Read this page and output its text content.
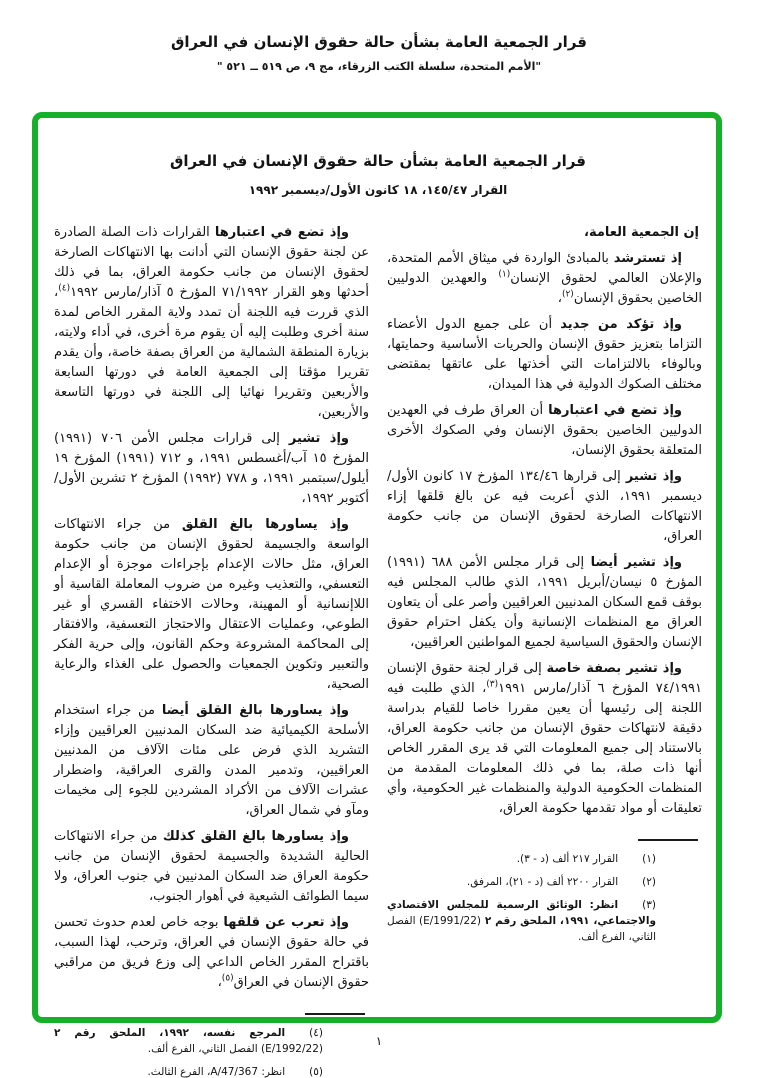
قرار الجمعية العامة بشأن حالة حقوق الإنسان في العراق
"الأمم المتحدة، سلسلة الكتب الزرقاء، مج ٩، ص ٥١٩ ــ ٥٢١ "
قرار الجمعية العامة بشأن حالة حقوق الإنسان في العراق
القرار ١٤٥/٤٧، ١٨ كانون الأول/ديسمبر ١٩٩٢
إن الجمعية العامة،
إذ تسترشد بالمبادئ الواردة في ميثاق الأمم المتحدة، والإعلان العالمي لحقوق الإنسان$^{(١)}$ والعهدين الدوليين الخاصين بحقوق الإنسان$^{(٢)}$،
وإذ تؤكد من جديد أن على جميع الدول الأعضاء التزاما بتعزيز حقوق الإنسان والحريات الأساسية وحمايتها، وبالوفاء بالالتزامات التي أخذتها على عاتقها بمقتضى مختلف الصكوك الدولية في هذا الميدان،
وإذ تضع في اعتبارها أن العراق طرف في العهدين الدوليين الخاصين بحقوق الإنسان وفي الصكوك الأخرى المتعلقة بحقوق الإنسان،
وإذ تشير إلى قرارها ١٣٤/٤٦ المؤرخ ١٧ كانون الأول/ديسمبر ١٩٩١، الذي أعربت فيه عن بالغ قلقها إزاء الانتهاكات الصارخة لحقوق الإنسان من جانب حكومة العراق،
وإذ تشير أيضا إلى قرار مجلس الأمن ٦٨٨ (١٩٩١) المؤرخ ٥ نيسان/أبريل ١٩٩١، الذي طالب المجلس فيه بوقف قمع السكان المدنيين العراقيين وأصر على أن يتعاون العراق مع المنظمات الإنسانية وأن يكفل احترام حقوق الإنسان والحقوق السياسية لجميع المواطنين العراقيين،
وإذ تشير بصفة خاصة إلى قرار لجنة حقوق الإنسان ٧٤/١٩٩١ المؤرخ ٦ آذار/مارس ١٩٩١$^{(٣)}$، الذي طلبت فيه اللجنة إلى رئيسها أن يعين مقررا خاصا للقيام بدراسة دقيقة لانتهاكات حقوق الإنسان من جانب حكومة العراق، بالاستناد إلى جميع المعلومات التي قد يرى المقرر الخاص أنها ذات صلة، بما في ذلك المعلومات المقدمة من المنظمات الحكومية الدولية والمنظمات غير الحكومية، وأي تعليقات أو مواد تقدمها حكومة العراق،
(١)القرار ٢١٧ ألف (د - ٣).
(٢)القرار ٢٢٠٠ ألف (د - ٢١)، المرفق.
(٣)انظر: الوثائق الرسمية للمجلس الاقتصادي والاجتماعي، ١٩٩١، الملحق رقم ٢ (E/1991/22) الفصل الثاني، الفرع ألف.
وإذ تضع في اعتبارها القرارات ذات الصلة الصادرة عن لجنة حقوق الإنسان التي أدانت بها الانتهاكات الصارخة لحقوق الإنسان من جانب حكومة العراق، بما في ذلك أحدثها وهو القرار ٧١/١٩٩٢ المؤرخ ٥ آذار/مارس ١٩٩٢$^{(٤)}$، الذي قررت فيه اللجنة أن تمدد ولاية المقرر الخاص لمدة سنة أخرى وطلبت إليه أن يقوم مرة أخرى، في أداء ولايته، بزيارة المنطقة الشمالية من العراق بصفة خاصة، وأن يقدم تقريرا مؤقتا إلى الجمعية العامة في دورتها السابعة والأربعين وتقريرا نهائيا إلى اللجنة في دورتها التاسعة والأربعين،
وإذ تشير إلى قرارات مجلس الأمن ٧٠٦ (١٩٩١) المؤرخ ١٥ آب/أغسطس ١٩٩١، و ٧١٢ (١٩٩١) المؤرخ ١٩ أيلول/سبتمبر ١٩٩١، و ٧٧٨ (١٩٩٢) المؤرخ ٢ تشرين الأول/أكتوبر ١٩٩٢،
وإذ يساورها بالغ القلق من جراء الانتهاكات الواسعة والجسيمة لحقوق الإنسان من جانب حكومة العراق، مثل حالات الإعدام بإجراءات موجزة أو الإعدام التعسفي، والتعذيب وغيره من ضروب المعاملة القاسية أو اللاإنسانية أو المهينة، وحالات الاختفاء القسري أو غير الطوعي، وعمليات الاعتقال والاحتجاز التعسفية، والافتقار إلى المحاكمة المشروعة وحكم القانون، وإلى حرية الفكر والتعبير وتكوين الجمعيات والحصول على الغذاء والرعاية الصحية،
وإذ يساورها بالغ القلق أيضا من جراء استخدام الأسلحة الكيميائية ضد السكان المدنيين العراقيين وإزاء التشريد الذي فرض على مئات الآلاف من المدنيين العراقيين، وتدمير المدن والقرى العراقية، واضطرار عشرات الآلاف من الأكراد المشردين للجوء إلى مخيمات ومآو في شمال العراق،
وإذ يساورها بالغ القلق كذلك من جراء الانتهاكات الحالية الشديدة والجسيمة لحقوق الإنسان من جانب حكومة العراق ضد السكان المدنيين في جنوب العراق، ولا سيما الطوائف الشيعية في أهوار الجنوب،
وإذ تعرب عن قلقها بوجه خاص لعدم حدوث تحسن في حالة حقوق الإنسان في العراق، وترحب، لهذا السبب، باقتراح المقرر الخاص الداعي إلى وزع فريق من مراقبي حقوق الإنسان في العراق$^{(٥)}$،
(٤)المرجع نفسه، ١٩٩٢، الملحق رقم ٢ (E/1992/22) الفصل الثاني، الفرع ألف.
(٥)انظر: A/47/367، الفرع الثالث.
١
